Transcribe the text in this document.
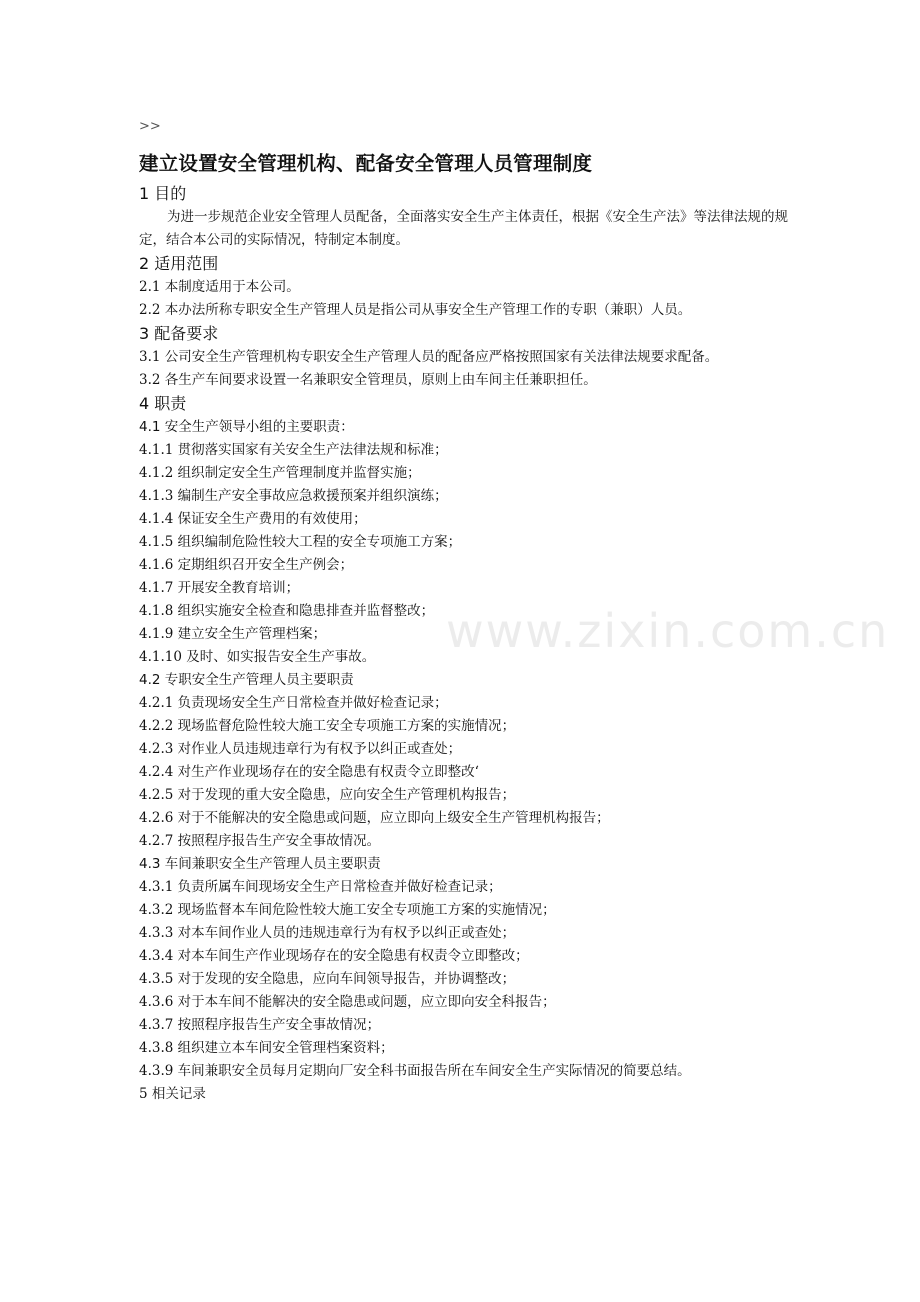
www.zixin.com.cn
>>
建立设置安全管理机构、配备安全管理人员管理制度
1 目的
为进一步规范企业安全管理人员配备，全面落实安全生产主体责任，根据《安全生产法》等法律法规的规定，结合本公司的实际情况，特制定本制度。
2 适用范围
2.1 本制度适用于本公司。
2.2 本办法所称专职安全生产管理人员是指公司从事安全生产管理工作的专职（兼职）人员。
3 配备要求
3.1 公司安全生产管理机构专职安全生产管理人员的配备应严格按照国家有关法律法规要求配备。
3.2 各生产车间要求设置一名兼职安全管理员，原则上由车间主任兼职担任。
4 职责
4.1 安全生产领导小组的主要职责：
4.1.1 贯彻落实国家有关安全生产法律法规和标准；
4.1.2 组织制定安全生产管理制度并监督实施；
4.1.3 编制生产安全事故应急救援预案并组织演练；
4.1.4 保证安全生产费用的有效使用；
4.1.5 组织编制危险性较大工程的安全专项施工方案；
4.1.6 定期组织召开安全生产例会；
4.1.7 开展安全教育培训；
4.1.8 组织实施安全检查和隐患排查并监督整改；
4.1.9 建立安全生产管理档案；
4.1.10 及时、如实报告安全生产事故。
4.2 专职安全生产管理人员主要职责
4.2.1 负责现场安全生产日常检查并做好检查记录；
4.2.2 现场监督危险性较大施工安全专项施工方案的实施情况；
4.2.3 对作业人员违规违章行为有权予以纠正或查处；
4.2.4 对生产作业现场存在的安全隐患有权责令立即整改‘
4.2.5 对于发现的重大安全隐患，应向安全生产管理机构报告；
4.2.6 对于不能解决的安全隐患或问题，应立即向上级安全生产管理机构报告；
4.2.7 按照程序报告生产安全事故情况。
4.3 车间兼职安全生产管理人员主要职责
4.3.1 负责所属车间现场安全生产日常检查并做好检查记录；
4.3.2 现场监督本车间危险性较大施工安全专项施工方案的实施情况；
4.3.3 对本车间作业人员的违规违章行为有权予以纠正或查处；
4.3.4 对本车间生产作业现场存在的安全隐患有权责令立即整改；
4.3.5 对于发现的安全隐患，应向车间领导报告，并协调整改；
4.3.6 对于本车间不能解决的安全隐患或问题，应立即向安全科报告；
4.3.7 按照程序报告生产安全事故情况；
4.3.8 组织建立本车间安全管理档案资料；
4.3.9 车间兼职安全员每月定期向厂安全科书面报告所在车间安全生产实际情况的简要总结。
5 相关记录
